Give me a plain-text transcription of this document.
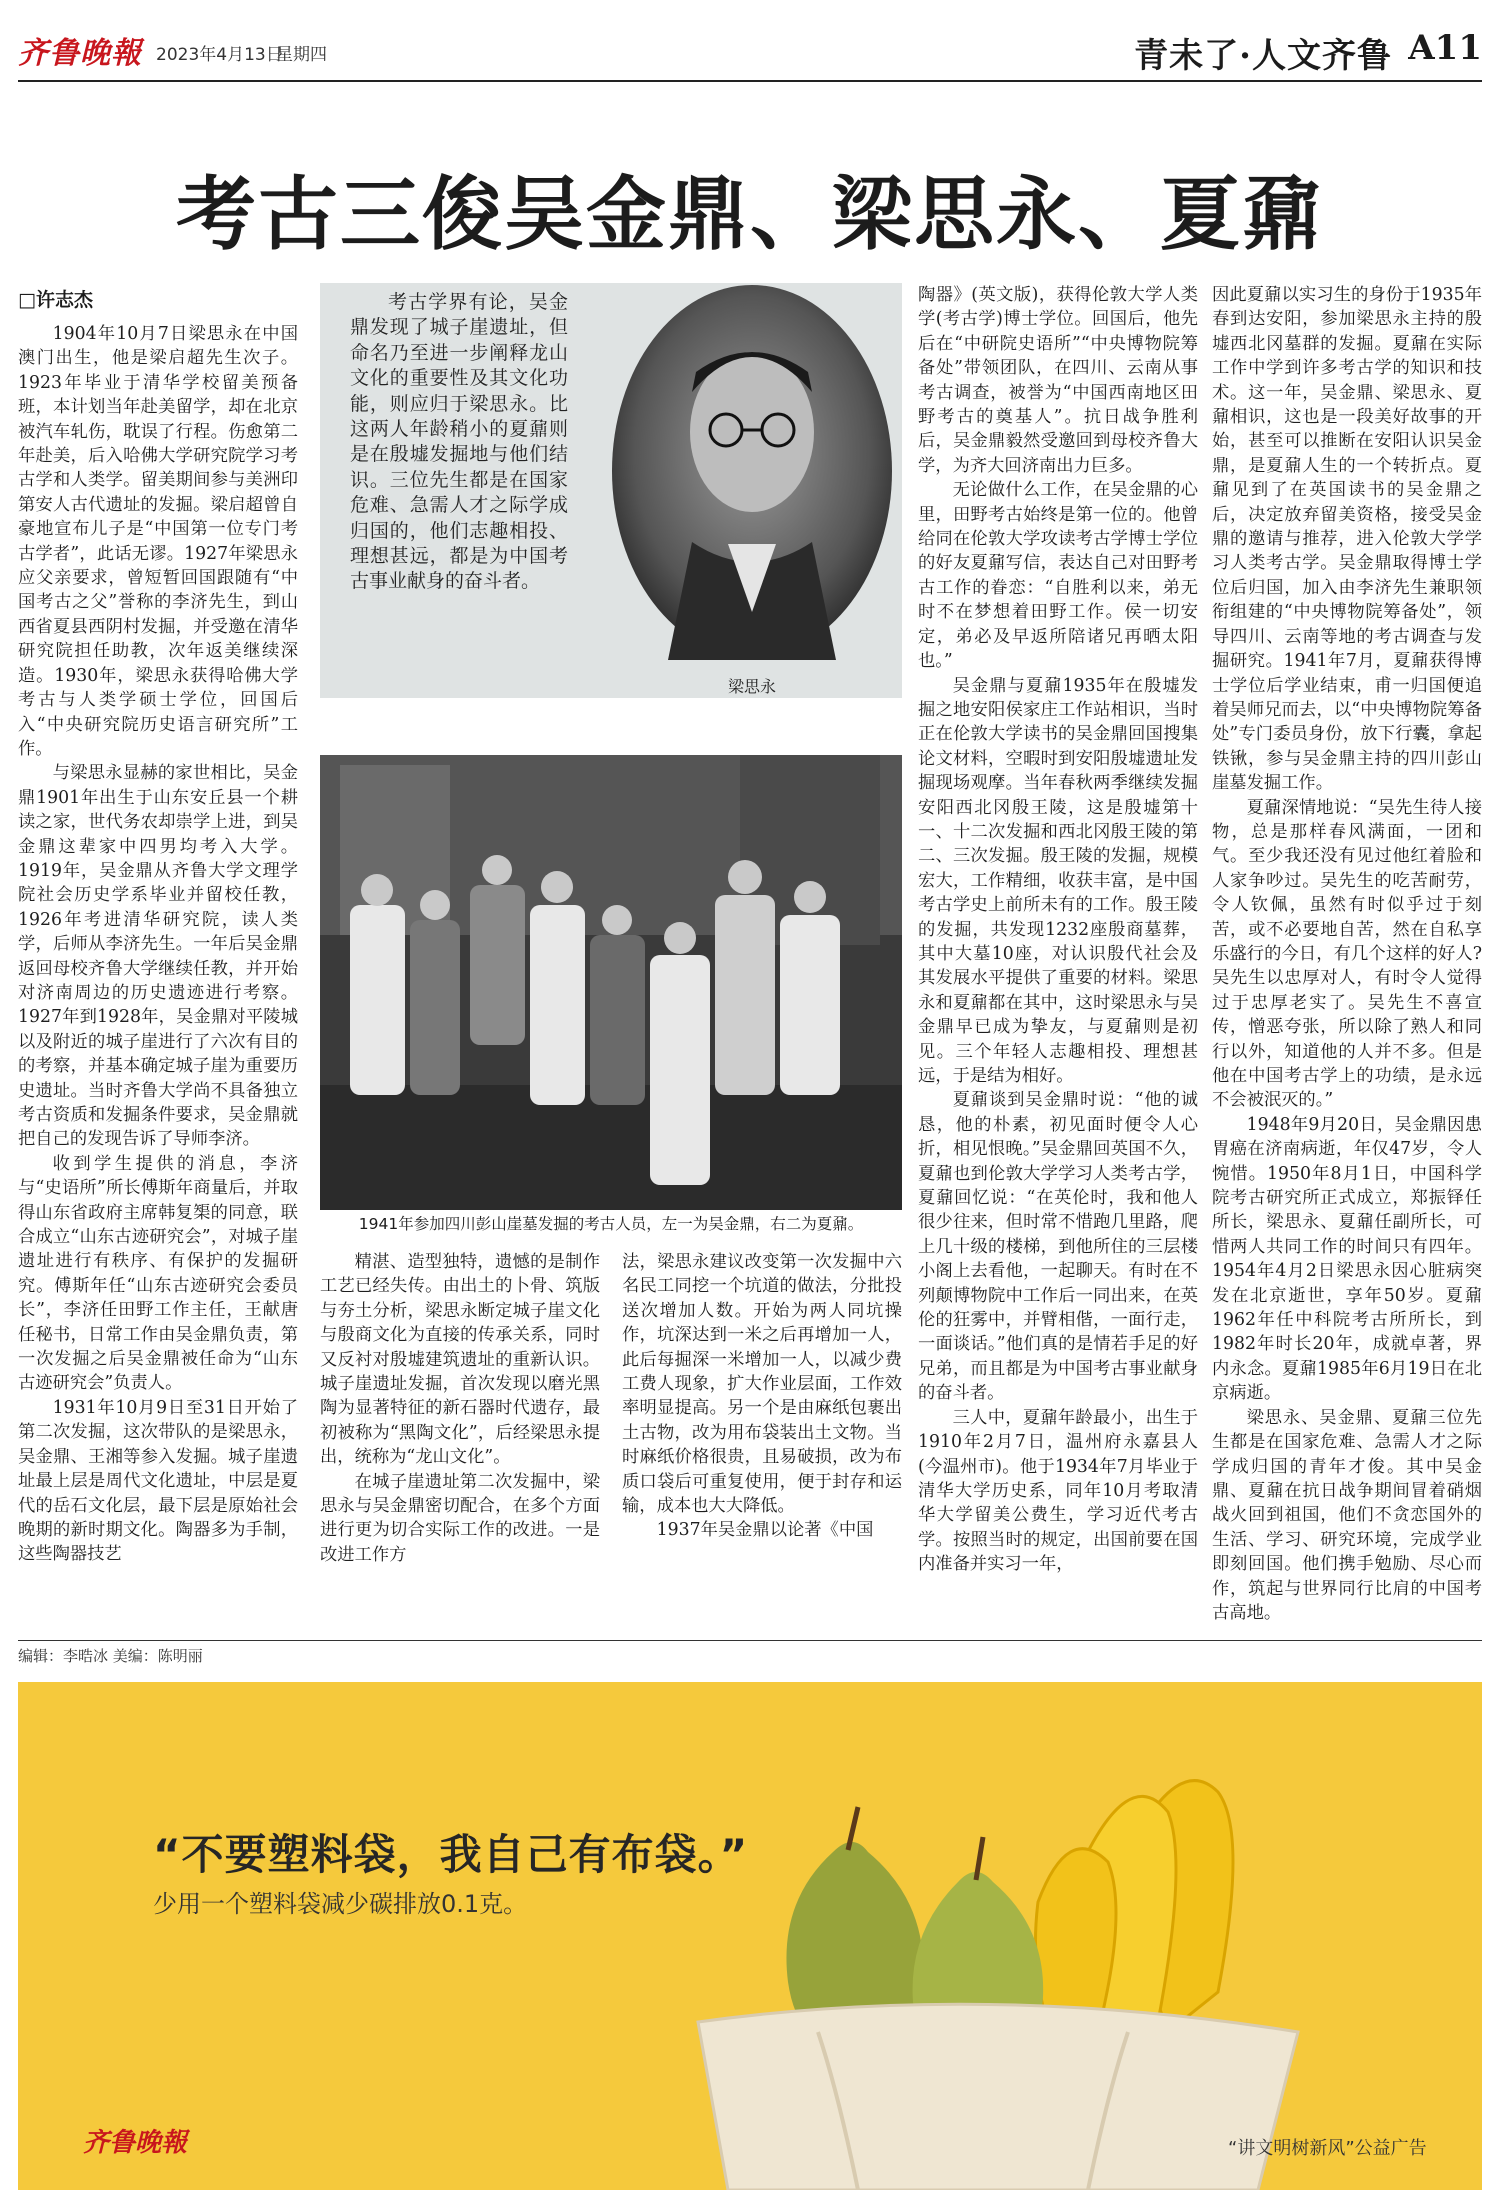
齐鲁晚報 2023年4月13日
星期四	青未了·人文齐鲁 A11
考古三俊吴金鼎、梁思永、夏鼐
□许志杰

1904年10月7日梁思永在中国澳门出生，他是梁启超先生次子。1923年毕业于清华学校留美预备班，本计划当年赴美留学，却在北京被汽车轧伤，耽误了行程。伤愈第二年赴美，后入哈佛大学研究院学习考古学和人类学。留美期间参与美洲印第安人古代遗址的发掘。梁启超曾自豪地宣布儿子是“中国第一位专门考古学者”，此话无谬。1927年梁思永应父亲要求，曾短暂回国跟随有“中国考古之父”誉称的李济先生，到山西省夏县西阴村发掘，并受邀在清华研究院担任助教，次年返美继续深造。1930年，梁思永获得哈佛大学考古与人类学硕士学位，回国后入“中央研究院历史语言研究所”工作。

与梁思永显赫的家世相比，吴金鼎1901年出生于山东安丘县一个耕读之家，世代务农却崇学上进，到吴金鼎这辈家中四男均考入大学。1919年，吴金鼎从齐鲁大学文理学院社会历史学系毕业并留校任教，1926年考进清华研究院，读人类学，后师从李济先生。一年后吴金鼎返回母校齐鲁大学继续任教，并开始对济南周边的历史遗迹进行考察。1927年到1928年，吴金鼎对平陵城以及附近的城子崖进行了六次有目的的考察，并基本确定城子崖为重要历史遗址。当时齐鲁大学尚不具备独立考古资质和发掘条件要求，吴金鼎就把自己的发现告诉了导师李济。

收到学生提供的消息，李济与“史语所”所长傅斯年商量后，并取得山东省政府主席韩复榘的同意，联合成立“山东古迹研究会”，对城子崖遗址进行有秩序、有保护的发掘研究。傅斯年任“山东古迹研究会委员长”，李济任田野工作主任，王献唐任秘书，日常工作由吴金鼎负责，第一次发掘之后吴金鼎被任命为“山东古迹研究会”负责人。

1931年10月9日至31日开始了第二次发掘，这次带队的是梁思永，吴金鼎、王湘等参入发掘。城子崖遗址最上层是周代文化遗址，中层是夏代的岳石文化层，最下层是原始社会晚期的新时期文化。陶器多为手制，这些陶器技艺

考古学界有论，吴金鼎发现了城子崖遗址，但命名乃至进一步阐释龙山文化的重要性及其文化功能，则应归于梁思永。比这两人年龄稍小的夏鼐则是在殷墟发掘地与他们结识。三位先生都是在国家危难、急需人才之际学成归国的，他们志趣相投、理想甚远，都是为中国考古事业献身的奋斗者。
梁思永
1941年参加四川彭山崖墓发掘的考古人员，左一为吴金鼎，右二为夏鼐。

精湛、造型独特，遗憾的是制作工艺已经失传。由出土的卜骨、筑版与夯土分析，梁思永断定城子崖文化与殷商文化为直接的传承关系，同时又反衬对殷墟建筑遗址的重新认识。城子崖遗址发掘，首次发现以磨光黑陶为显著特征的新石器时代遗存，最初被称为“黑陶文化”，后经梁思永提出，统称为“龙山文化”。

在城子崖遗址第二次发掘中，梁思永与吴金鼎密切配合，在多个方面进行更为切合实际工作的改进。一是改进工作方

法，梁思永建议改变第一次发掘中六名民工同挖一个坑道的做法，分批投送次增加人数。开始为两人同坑操作，坑深达到一米之后再增加一人，此后每掘深一米增加一人，以减少费工费人现象，扩大作业层面，工作效率明显提高。另一个是由麻纸包裹出土古物，改为用布袋装出土文物。当时麻纸价格很贵，且易破损，改为布质口袋后可重复使用，便于封存和运输，成本也大大降低。

1937年吴金鼎以论著《中国

陶器》(英文版)，获得伦敦大学人类学(考古学)博士学位。回国后，他先后在“中研院史语所”“中央博物院筹备处”带领团队，在四川、云南从事考古调查，被誉为“中国西南地区田野考古的奠基人”。抗日战争胜利后，吴金鼎毅然受邀回到母校齐鲁大学，为齐大回济南出力巨多。

无论做什么工作，在吴金鼎的心里，田野考古始终是第一位的。他曾给同在伦敦大学攻读考古学博士学位的好友夏鼐写信，表达自己对田野考古工作的眷恋：“自胜利以来，弟无时不在梦想着田野工作。侯一切安定，弟必及早返所陪诸兄再晒太阳也。”

吴金鼎与夏鼐1935年在殷墟发掘之地安阳侯家庄工作站相识，当时正在伦敦大学读书的吴金鼎回国搜集论文材料，空暇时到安阳殷墟遗址发掘现场观摩。当年春秋两季继续发掘安阳西北冈殷王陵，这是殷墟第十一、十二次发掘和西北冈殷王陵的第二、三次发掘。殷王陵的发掘，规模宏大，工作精细，收获丰富，是中国考古学史上前所未有的工作。殷王陵的发掘，共发现1232座殷商墓葬，其中大墓10座，对认识殷代社会及其发展水平提供了重要的材料。梁思永和夏鼐都在其中，这时梁思永与吴金鼎早已成为挚友，与夏鼐则是初见。三个年轻人志趣相投、理想甚远，于是结为相好。

夏鼐谈到吴金鼎时说：“他的诚恳，他的朴素，初见面时便令人心折，相见恨晚。”吴金鼎回英国不久，夏鼐也到伦敦大学学习人类考古学，夏鼐回忆说：“在英伦时，我和他人很少往来，但时常不惜跑几里路，爬上几十级的楼梯，到他所住的三层楼小阁上去看他，一起聊天。有时在不列颠博物院中工作后一同出来，在英伦的狂雾中，并臂相偕，一面行走，一面谈话。”他们真的是情若手足的好兄弟，而且都是为中国考古事业献身的奋斗者。

三人中，夏鼐年龄最小，出生于1910年2月7日，温州府永嘉县人(今温州市)。他于1934年7月毕业于清华大学历史系，同年10月考取清华大学留美公费生，学习近代考古学。按照当时的规定，出国前要在国内准备并实习一年，

因此夏鼐以实习生的身份于1935年春到达安阳，参加梁思永主持的殷墟西北冈墓群的发掘。夏鼐在实际工作中学到许多考古学的知识和技术。这一年，吴金鼎、梁思永、夏鼐相识，这也是一段美好故事的开始，甚至可以推断在安阳认识吴金鼎，是夏鼐人生的一个转折点。夏鼐见到了在英国读书的吴金鼎之后，决定放弃留美资格，接受吴金鼎的邀请与推荐，进入伦敦大学学习人类考古学。吴金鼎取得博士学位后归国，加入由李济先生兼职领衔组建的“中央博物院筹备处”，领导四川、云南等地的考古调查与发掘研究。1941年7月，夏鼐获得博士学位后学业结束，甫一归国便追着吴师兄而去，以“中央博物院筹备处”专门委员身份，放下行囊，拿起铁锹，参与吴金鼎主持的四川彭山崖墓发掘工作。

夏鼐深情地说：“吴先生待人接物，总是那样春风满面，一团和气。至少我还没有见过他红着脸和人家争吵过。吴先生的吃苦耐劳，令人钦佩，虽然有时似乎过于刻苦，或不必要地自苦，然在自私享乐盛行的今日，有几个这样的好人?吴先生以忠厚对人，有时令人觉得过于忠厚老实了。吴先生不喜宣传，憎恶夸张，所以除了熟人和同行以外，知道他的人并不多。但是他在中国考古学上的功绩，是永远不会被泯灭的。”

1948年9月20日，吴金鼎因患胃癌在济南病逝，年仅47岁，令人惋惜。1950年8月1日，中国科学院考古研究所正式成立，郑振铎任所长，梁思永、夏鼐任副所长，可惜两人共同工作的时间只有四年。1954年4月2日梁思永因心脏病突发在北京逝世，享年50岁。夏鼐1962年任中科院考古所所长，到1982年时长20年，成就卓著，界内永念。夏鼐1985年6月19日在北京病逝。

梁思永、吴金鼎、夏鼐三位先生都是在国家危难、急需人才之际学成归国的青年才俊。其中吴金鼎、夏鼐在抗日战争期间冒着硝烟战火回到祖国，他们不贪恋国外的生活、学习、研究环境，完成学业即刻回国。他们携手勉励、尽心而作，筑起与世界同行比肩的中国考古高地。

编辑：李晧冰 美编：陈明丽
“不要塑料袋，我自己有布袋。”
少用一个塑料袋减少碳排放0.1克。
齐鲁晚報	“讲文明树新风”公益广告
